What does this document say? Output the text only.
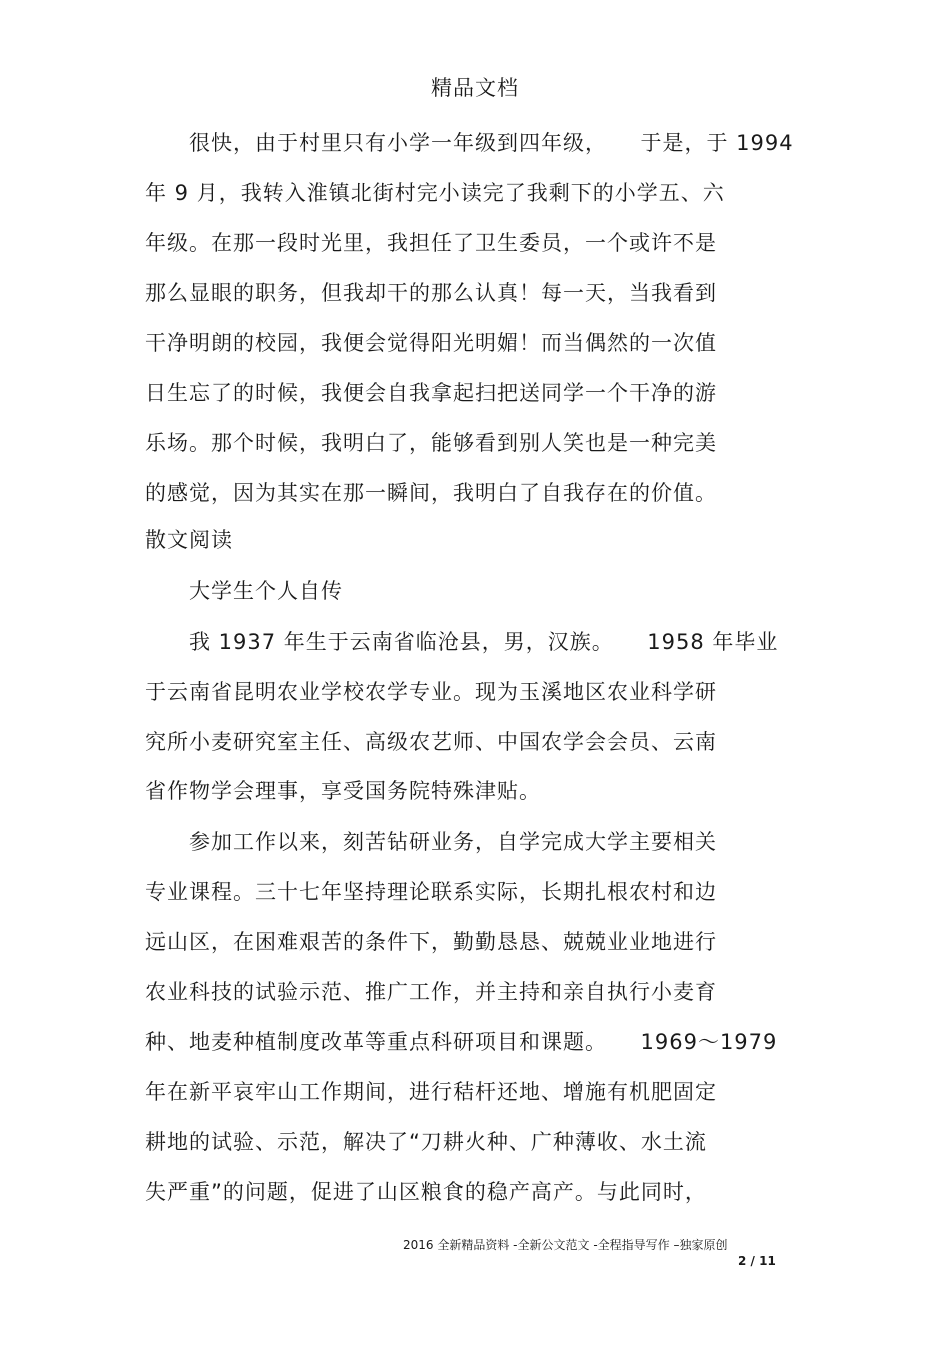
精品文档
　　很快，由于村里只有小学一年级到四年级，　　于是，于 1994
年 9 月，我转入淮镇北街村完小读完了我剩下的小学五、六
年级。在那一段时光里，我担任了卫生委员，一个或许不是
那么显眼的职务，但我却干的那么认真！每一天，当我看到
干净明朗的校园，我便会觉得阳光明媚！而当偶然的一次值
日生忘了的时候，我便会自我拿起扫把送同学一个干净的游
乐场。那个时候，我明白了，能够看到别人笑也是一种完美
的感觉，因为其实在那一瞬间，我明白了自我存在的价值。
散文阅读
　　大学生个人自传
　　我 1937 年生于云南省临沧县，男，汉族。　　1958 年毕业
于云南省昆明农业学校农学专业。现为玉溪地区农业科学研
究所小麦研究室主任、高级农艺师、中国农学会会员、云南
省作物学会理事，享受国务院特殊津贴。
　　参加工作以来，刻苦钻研业务，自学完成大学主要相关
专业课程。三十七年坚持理论联系实际，长期扎根农村和边
远山区，在困难艰苦的条件下，勤勤恳恳、兢兢业业地进行
农业科技的试验示范、推广工作，并主持和亲自执行小麦育
种、地麦种植制度改革等重点科研项目和课题。　　1969～1979
年在新平哀牢山工作期间，进行秸杆还地、增施有机肥固定
耕地的试验、示范，解决了“刀耕火种、广种薄收、水土流
失严重”的问题，促进了山区粮食的稳产高产。与此同时，
2016 全新精品资料 -全新公文范文 -全程指导写作 –独家原创
2 / 11
